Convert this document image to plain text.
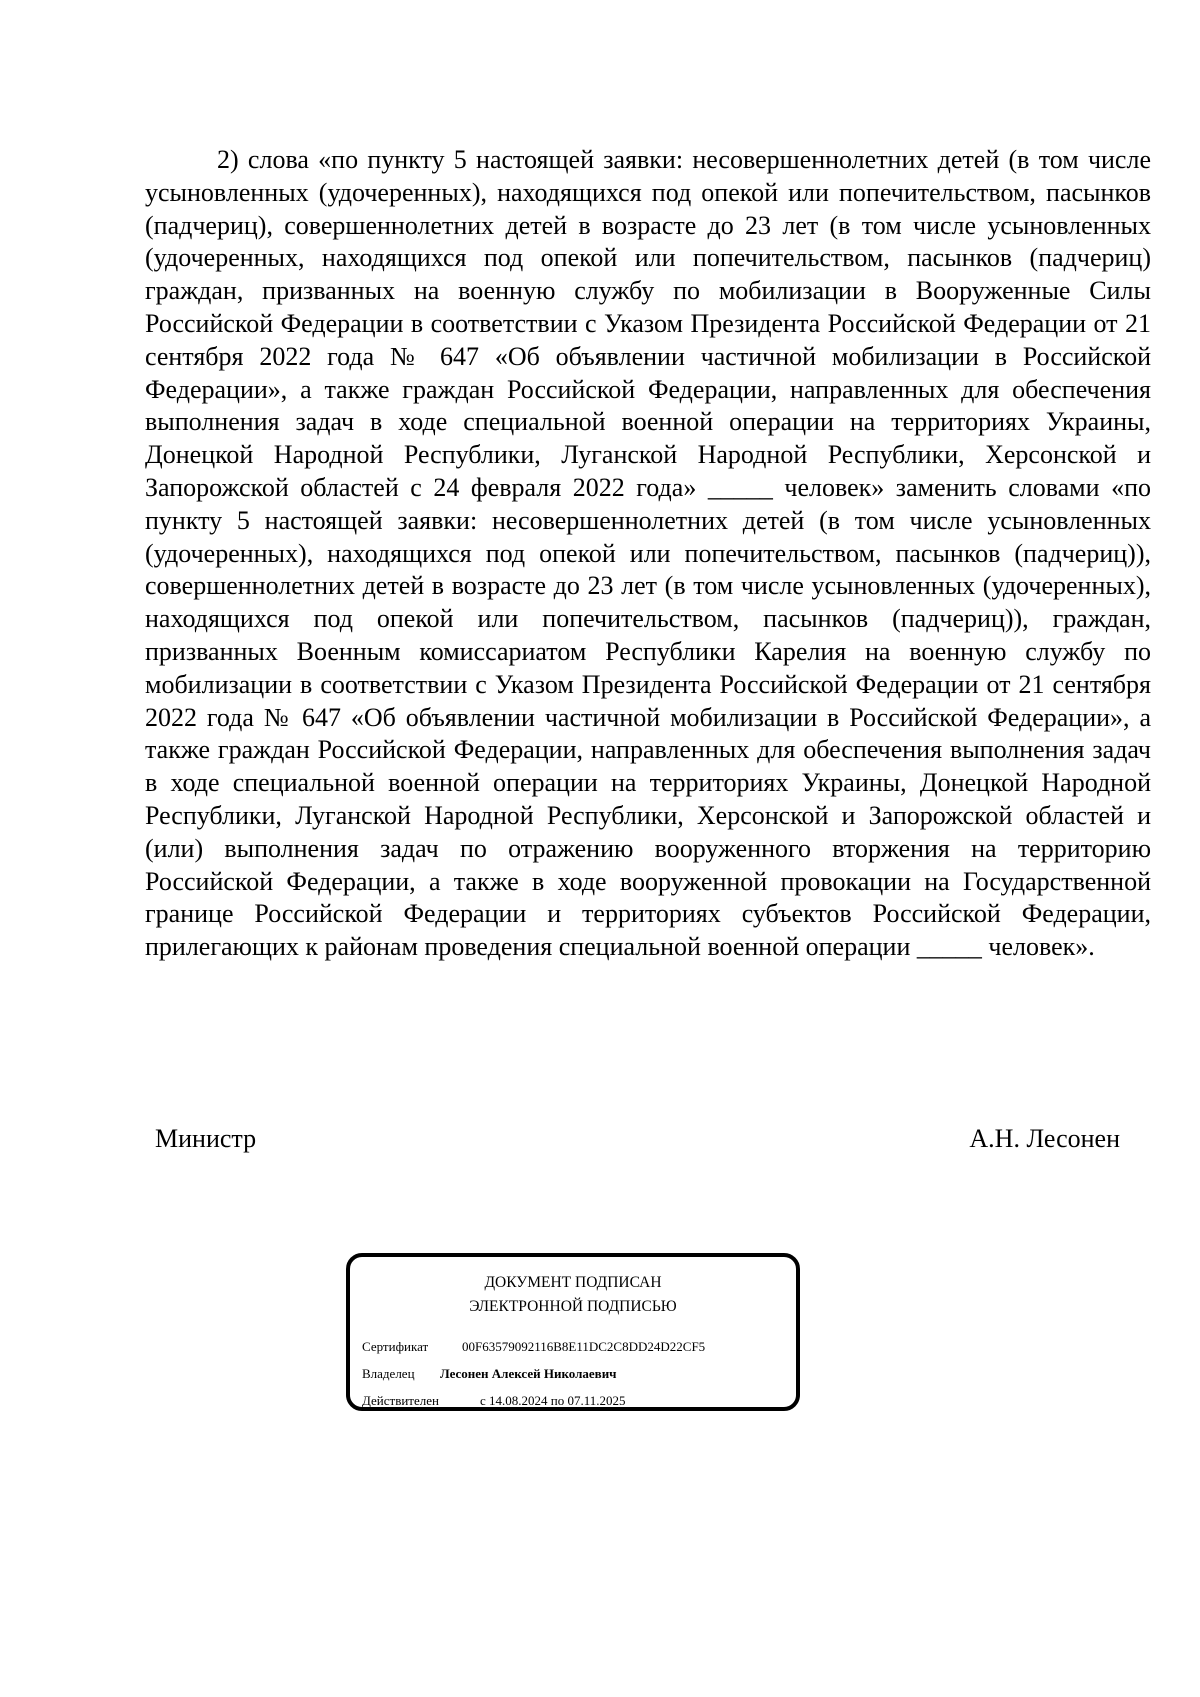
2) слова «по пункту 5 настоящей заявки: несовершеннолетних детей (в том числе усыновленных (удочеренных), находящихся под опекой или попечительством, пасынков (падчериц), совершеннолетних детей в возрасте до 23 лет (в том числе усыновленных (удочеренных, находящихся под опекой или попечительством, пасынков (падчериц) граждан, призванных на военную службу по мобилизации в Вооруженные Силы Российской Федерации в соответствии с Указом Президента Российской Федерации от 21 сентября 2022 года № 647 «Об объявлении частичной мобилизации в Российской Федерации», а также граждан Российской Федерации, направленных для обеспечения выполнения задач в ходе специальной военной операции на территориях Украины, Донецкой Народной Республики, Луганской Народной Республики, Херсонской и Запорожской областей с 24 февраля 2022 года» _____ человек» заменить словами «по пункту 5 настоящей заявки: несовершеннолетних детей (в том числе усыновленных (удочеренных), находящихся под опекой или попечительством, пасынков (падчериц)), совершеннолетних детей в возрасте до 23 лет (в том числе усыновленных (удочеренных), находящихся под опекой или попечительством, пасынков (падчериц)), граждан, призванных Военным комиссариатом Республики Карелия на военную службу по мобилизации в соответствии с Указом Президента Российской Федерации от 21 сентября 2022 года № 647 «Об объявлении частичной мобилизации в Российской Федерации», а также граждан Российской Федерации, направленных для обеспечения выполнения задач в ходе специальной военной операции на территориях Украины, Донецкой Народной Республики, Луганской Народной Республики, Херсонской и Запорожской областей и (или) выполнения задач по отражению вооруженного вторжения на территорию Российской Федерации, а также в ходе вооруженной провокации на Государственной границе Российской Федерации и территориях субъектов Российской Федерации, прилегающих к районам проведения специальной военной операции _____ человек».

Министр	А.Н. Лесонен
ДОКУМЕНТ ПОДПИСАН
ЭЛЕКТРОННОЙ ПОДПИСЬЮ
Сертификат	00F63579092116B8E11DC2C8DD24D22CF5
Владелец Лесонен Алексей Николаевич
Действителен	с 14.08.2024 по 07.11.2025
